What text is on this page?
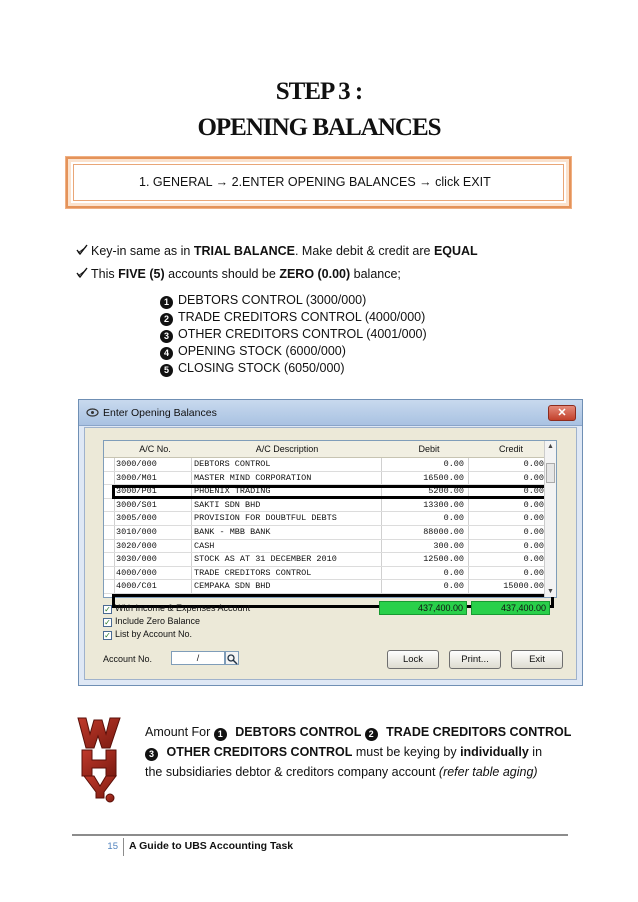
STEP 3 :
OPENING BALANCES
1. GENERAL → 2.ENTER OPENING BALANCES → click EXIT
Key-in same as in TRIAL BALANCE. Make debit & credit are EQUAL
This FIVE (5) accounts should be ZERO (0.00) balance;
1 DEBTORS CONTROL (3000/000)
2 TRADE CREDITORS CONTROL (4000/000)
3 OTHER CREDITORS CONTROL (4001/000)
4 OPENING STOCK (6000/000)
5 CLOSING STOCK (6050/000)
Enter Opening Balances	✕
A/C No.	A/C Description	Debit	Credit
3000/000	DEBTORS CONTROL	0.00	0.00
3000/M01	MASTER MIND CORPORATION	16500.00	0.00
3000/P01	PHOENIX TRADING	5200.00	0.00
3000/S01	SAKTI SDN BHD	13300.00	0.00
3005/000	PROVISION FOR DOUBTFUL DEBTS	0.00	0.00
3010/000	BANK - MBB BANK	88000.00	0.00
3020/000	CASH	300.00	0.00
3030/000	STOCK AS AT 31 DECEMBER 2010	12500.00	0.00
4000/000	TRADE CREDITORS CONTROL	0.00	0.00
4000/C01	CEMPAKA SDN BHD	0.00	15000.00
▲
▼
✓ With Income & Expenses Account
✓ Include Zero Balance
✓ List by Account No.
437,400.00	437,400.00
Account No.	/	Lock	Print...	Exit
Amount For 1 DEBTORS CONTROL 2 TRADE CREDITORS CONTROL
3 OTHER CREDITORS CONTROL must be keying by individually in
the subsidiaries debtor & creditors company account (refer table aging)
15 A Guide to UBS Accounting Task
